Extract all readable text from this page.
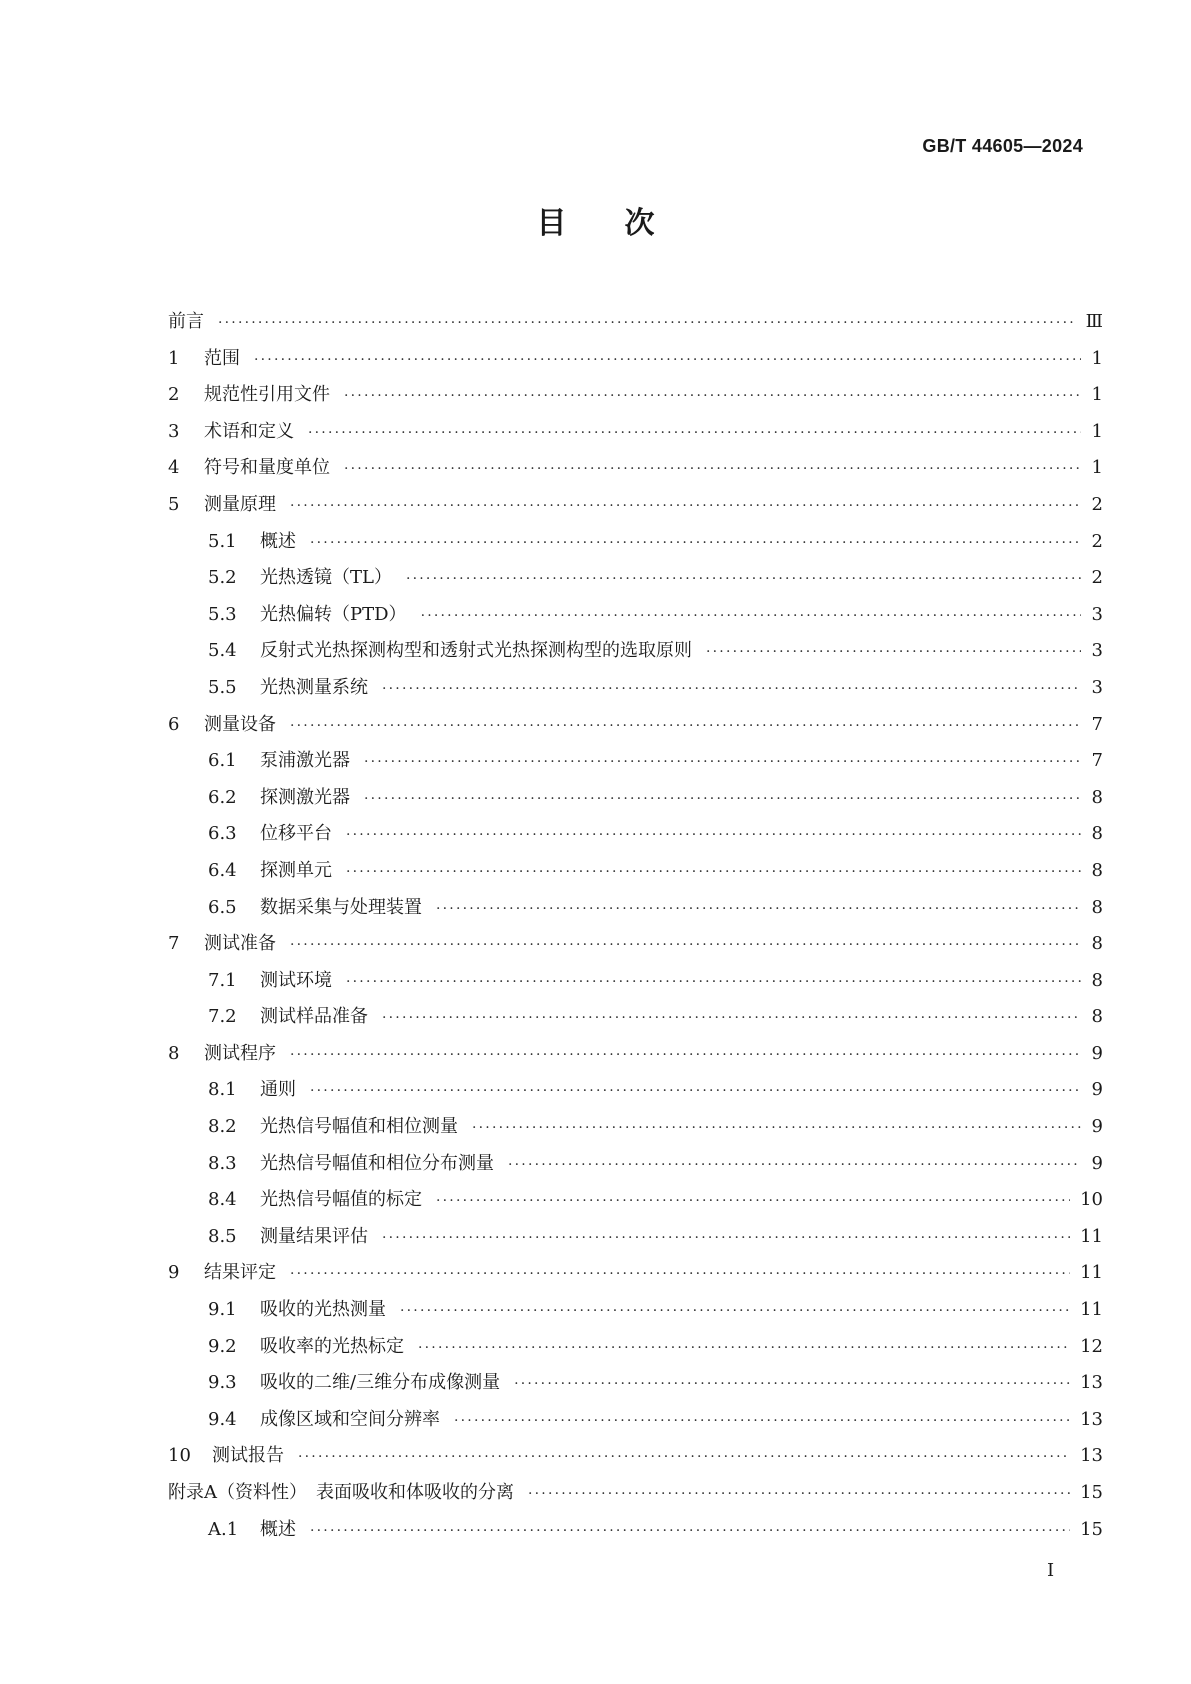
GB/T 44605—2024
目次
前言 ·····	Ⅲ
1	范围 ·····	1
2	规范性引用文件 ·····	1
3	术语和定义 ·····	1
4	符号和量度单位 ·····	1
5	测量原理 ·····	2
5.1	概述 ·····	2
5.2	光热透镜（TL） ·····	2
5.3	光热偏转（PTD） ·····	3
5.4	反射式光热探测构型和透射式光热探测构型的选取原则 ·····	3
5.5	光热测量系统 ·····	3
6	测量设备 ·····	7
6.1	泵浦激光器 ·····	7
6.2	探测激光器 ·····	8
6.3	位移平台 ·····	8
6.4	探测单元 ·····	8
6.5	数据采集与处理装置 ·····	8
7	测试准备 ·····	8
7.1	测试环境 ·····	8
7.2	测试样品准备 ·····	8
8	测试程序 ·····	9
8.1	通则 ·····	9
8.2	光热信号幅值和相位测量 ·····	9
8.3	光热信号幅值和相位分布测量 ·····	9
8.4	光热信号幅值的标定 ·····	10
8.5	测量结果评估 ·····	11
9	结果评定 ·····	11
9.1	吸收的光热测量 ·····	11
9.2	吸收率的光热标定 ·····	12
9.3	吸收的二维/三维分布成像测量 ·····	13
9.4	成像区域和空间分辨率 ·····	13
10	测试报告 ·····	13
附录A（资料性）　表面吸收和体吸收的分离 ·····	15
A.1	概述 ·····	15
I
